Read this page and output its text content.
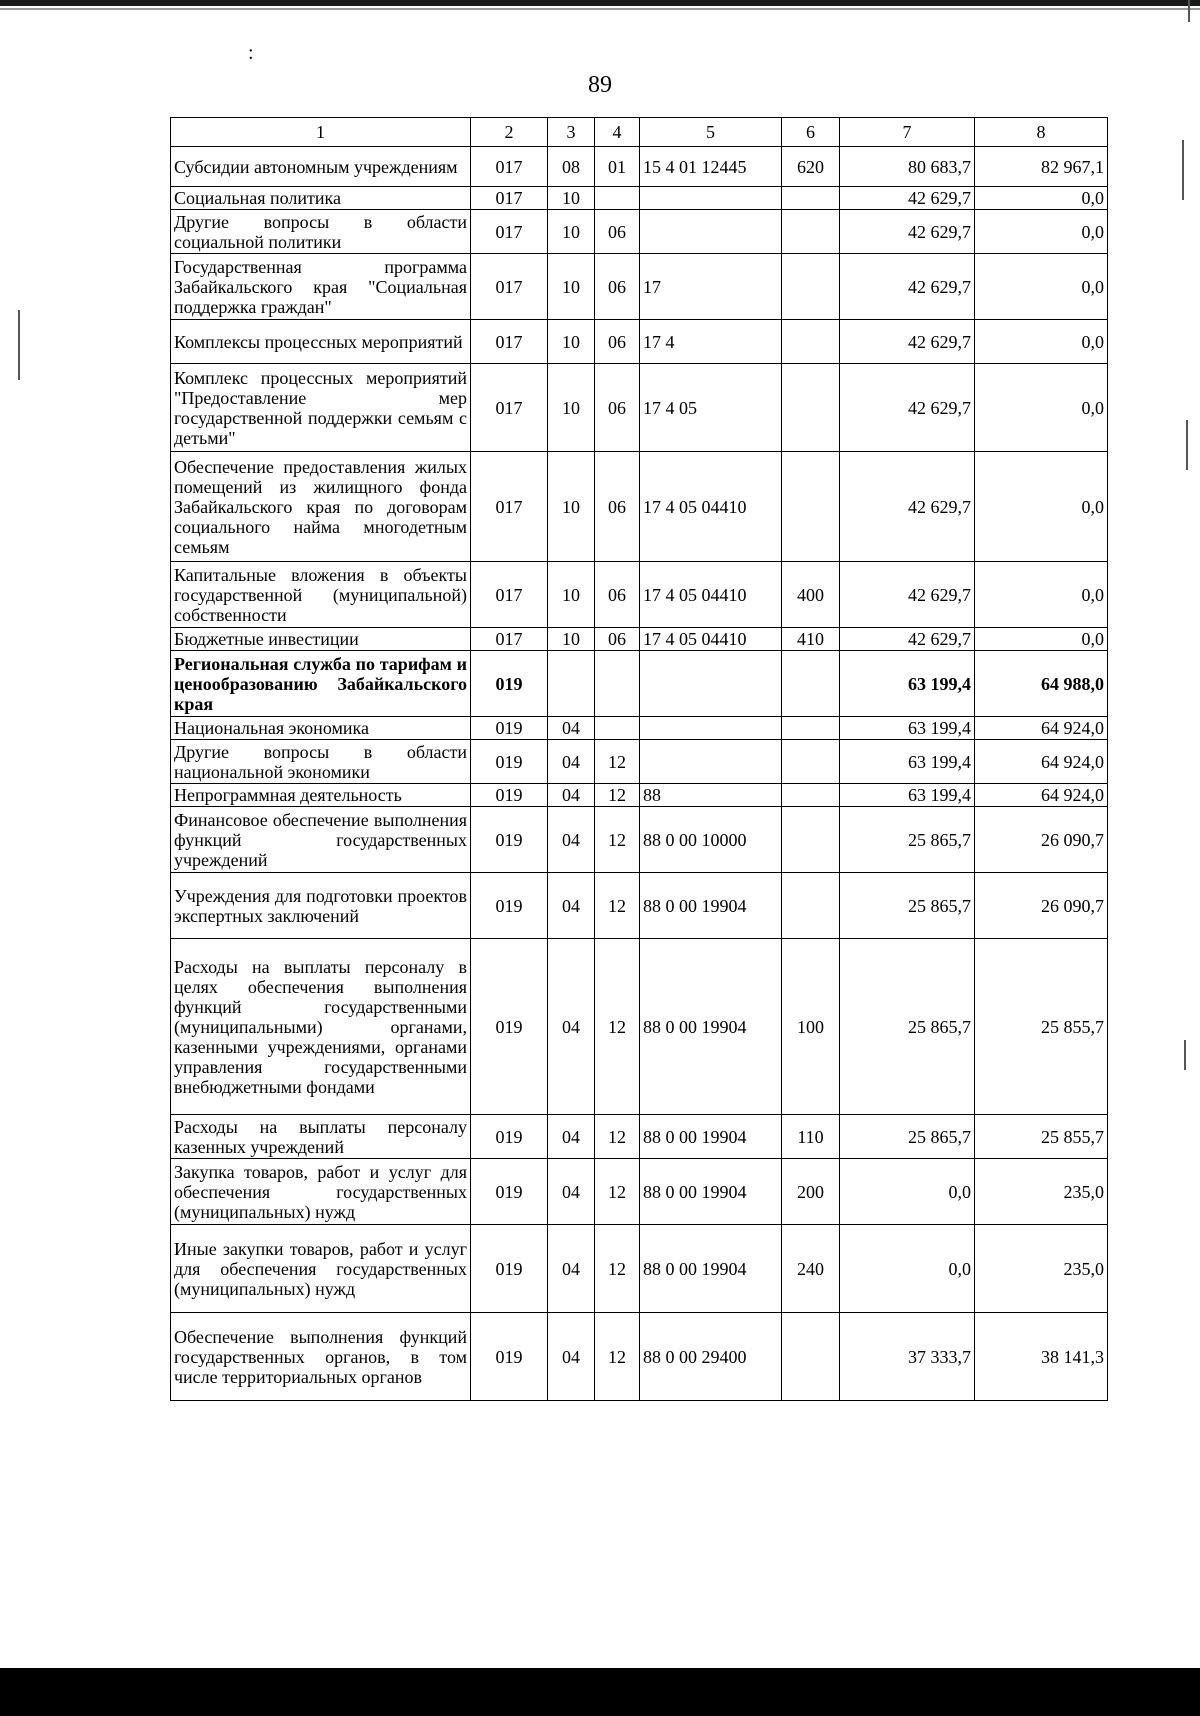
:
89
1	2	3	4	5	6	7	8
Субсидии автономным учреждениям	017	08	01	15 4 01 12445	620	80 683,7	82 967,1
Социальная политика	017	10				42 629,7	0,0
Другие вопросы в области социальной политики	017	10	06			42 629,7	0,0
Государственная программа Забайкальского края "Социальная поддержка граждан"	017	10	06	17		42 629,7	0,0
Комплексы процессных мероприятий	017	10	06	17 4		42 629,7	0,0
Комплекс процессных мероприятий "Предоставление мер государственной поддержки семьям с детьми"	017	10	06	17 4 05		42 629,7	0,0
Обеспечение предоставления жилых помещений из жилищного фонда Забайкальского края по договорам социального найма многодетным семьям	017	10	06	17 4 05 04410		42 629,7	0,0
Капитальные вложения в объекты государственной (муниципальной) собственности	017	10	06	17 4 05 04410	400	42 629,7	0,0
Бюджетные инвестиции	017	10	06	17 4 05 04410	410	42 629,7	0,0
Региональная служба по тарифам и ценообразованию Забайкальского края	019					63 199,4	64 988,0
Национальная экономика	019	04				63 199,4	64 924,0
Другие вопросы в области национальной экономики	019	04	12			63 199,4	64 924,0
Непрограммная деятельность	019	04	12	88		63 199,4	64 924,0
Финансовое обеспечение выполнения функций государственных учреждений	019	04	12	88 0 00 10000		25 865,7	26 090,7
Учреждения для подготовки проектов экспертных заключений	019	04	12	88 0 00 19904		25 865,7	26 090,7
Расходы на выплаты персоналу в целях обеспечения выполнения функций государственными (муниципальными) органами, казенными учреждениями, органами управления государственными внебюджетными фондами	019	04	12	88 0 00 19904	100	25 865,7	25 855,7
Расходы на выплаты персоналу казенных учреждений	019	04	12	88 0 00 19904	110	25 865,7	25 855,7
Закупка товаров, работ и услуг для обеспечения государственных (муниципальных) нужд	019	04	12	88 0 00 19904	200	0,0	235,0
Иные закупки товаров, работ и услуг для обеспечения государственных (муниципальных) нужд	019	04	12	88 0 00 19904	240	0,0	235,0
Обеспечение выполнения функций государственных органов, в том числе территориальных органов	019	04	12	88 0 00 29400		37 333,7	38 141,3
